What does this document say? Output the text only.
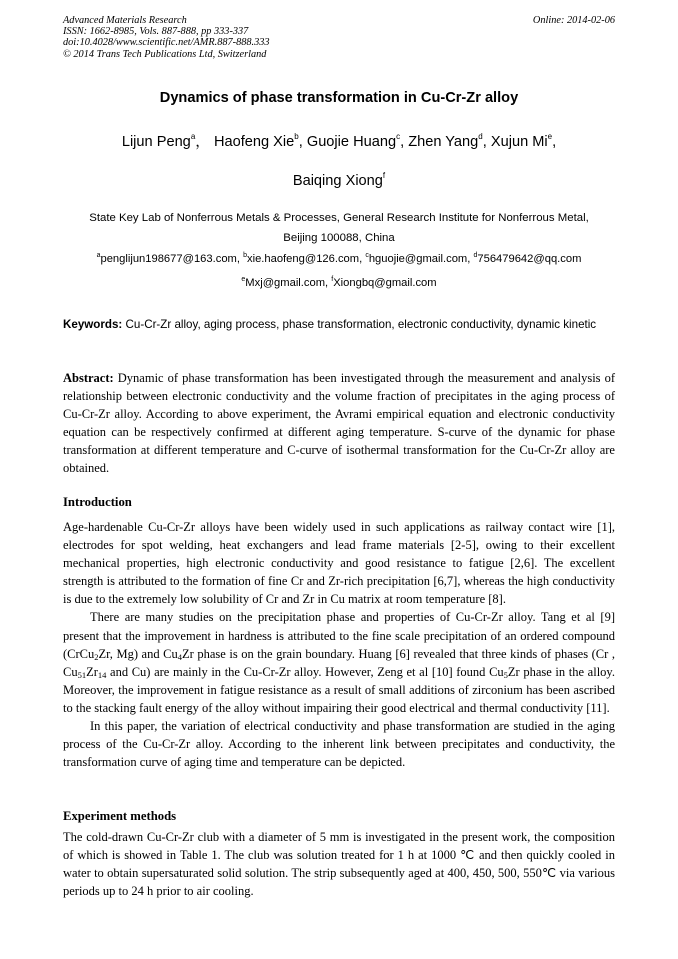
Advanced Materials Research
ISSN: 1662-8985, Vols. 887-888, pp 333-337
doi:10.4028/www.scientific.net/AMR.887-888.333
© 2014 Trans Tech Publications Ltd, Switzerland
Online: 2014-02-06
Dynamics of phase transformation in Cu-Cr-Zr alloy
Lijun Peng$^a$， Haofeng Xie$^b$, Guojie Huang$^c$, Zhen Yang$^d$, Xujun Mi$^e$,
Baiqing Xiong$^f$
State Key Lab of Nonferrous Metals & Processes, General Research Institute for Nonferrous Metal,
Beijing 100088, China
$^a$penglijun198677@163.com, $^b$xie.haofeng@126.com, $^c$hguojie@gmail.com, $^d$756479642@qq.com
$^e$Mxj@gmail.com, $^f$Xiongbq@gmail.com
Keywords: Cu-Cr-Zr alloy, aging process, phase transformation, electronic conductivity, dynamic kinetic
Abstract: Dynamic of phase transformation has been investigated through the measurement and analysis of relationship between electronic conductivity and the volume fraction of precipitates in the aging process of Cu-Cr-Zr alloy. According to above experiment, the Avrami empirical equation and electronic conductivity equation can be respectively confirmed at different aging temperature. S-curve of the dynamic for phase transformation at different temperature and C-curve of isothermal transformation for the Cu-Cr-Zr alloy are obtained.
Introduction

Age-hardenable Cu-Cr-Zr alloys have been widely used in such applications as railway contact wire [1], electrodes for spot welding, heat exchangers and lead frame materials [2-5], owing to their excellent mechanical properties, high electronic conductivity and good resistance to fatigue [2,6]. The excellent strength is attributed to the formation of fine Cr and Zr-rich precipitation [6,7], whereas the high conductivity is due to the extremely low solubility of Cr and Zr in Cu matrix at room temperature [8].

There are many studies on the precipitation phase and properties of Cu-Cr-Zr alloy. Tang et al [9] present that the improvement in hardness is attributed to the fine scale precipitation of an ordered compound (CrCu$_2$Zr, Mg) and $Cu_4Zr$ phase is on the grain boundary. Huang [6] revealed that three kinds of phases (Cr , $Cu_{51}Zr_{14}$ and Cu) are mainly in the Cu-Cr-Zr alloy. However, Zeng et al [10] found $Cu_5Zr$ phase in the alloy. Moreover, the improvement in fatigue resistance as a result of small additions of zirconium has been ascribed to the stacking fault energy of the alloy without impairing their good electrical and thermal conductivity [11].

In this paper, the variation of electrical conductivity and phase transformation are studied in the aging process of the Cu-Cr-Zr alloy. According to the inherent link between precipitates and conductivity, the transformation curve of aging time and temperature can be depicted.

Experiment methods

The cold-drawn Cu-Cr-Zr club with a diameter of 5 mm is investigated in the present work, the composition of which is showed in Table 1. The club was solution treated for 1 h at 1000 ℃ and then quickly cooled in water to obtain supersaturated solid solution. The strip subsequently aged at 400, 450, 500, 550℃ via various periods up to 24 h prior to air cooling.
